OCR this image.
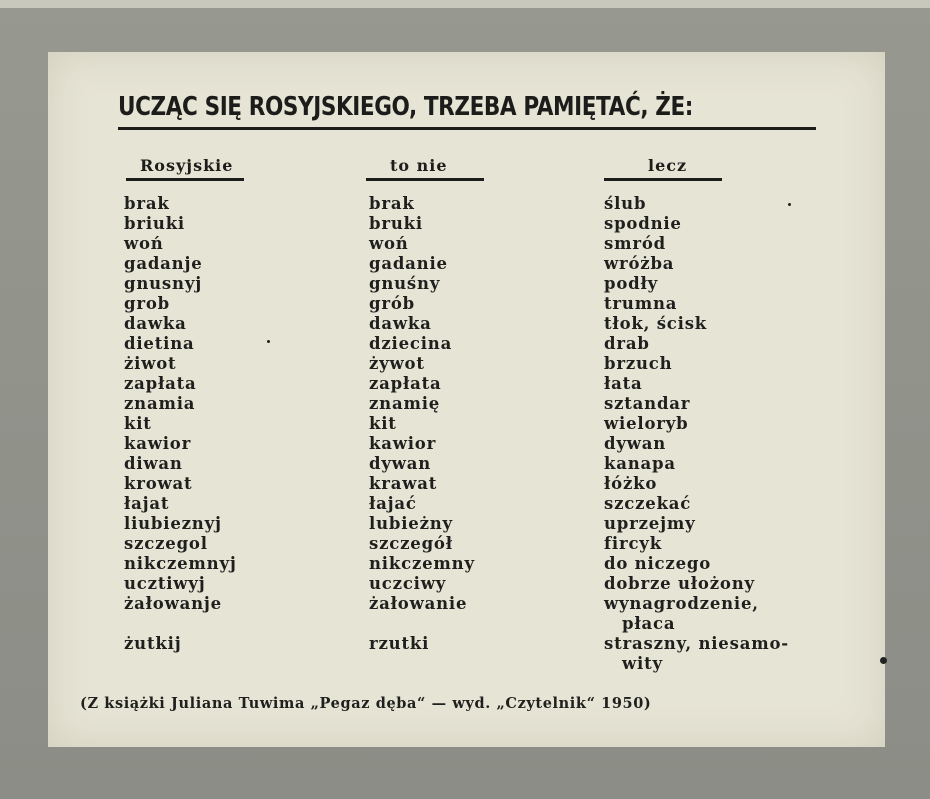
UCZĄC SIĘ ROSYJSKIEGO, TRZEBA PAMIĘTAĆ, ŻE:
Rosyjskie	to nie	lecz
brak
briuki
woń
gadanje
gnusnyj
grob
dawka
dietina
żiwot
zapłata
znamia
kit
kawior
diwan
krowat
łajat
liubieznyj
szczegol
nikczemnyj
ucztiwyj
żałowanje
żutkij
brak
bruki
woń
gadanie
gnuśny
grób
dawka
dziecina
żywot
zapłata
znamię
kit
kawior
dywan
krawat
łajać
lubieżny
szczegół
nikczemny
uczciwy
żałowanie
rzutki
ślub
spodnie
smród
wróżba
podły
trumna
tłok, ścisk
drab
brzuch
łata
sztandar
wieloryb
dywan
kanapa
łóżko
szczekać
uprzejmy
fircyk
do niczego
dobrze ułożony
wynagrodzenie,
płaca
straszny, niesamo-
wity
(Z książki Juliana Tuwima „Pegaz dęba“ — wyd. „Czytelnik“ 1950)
